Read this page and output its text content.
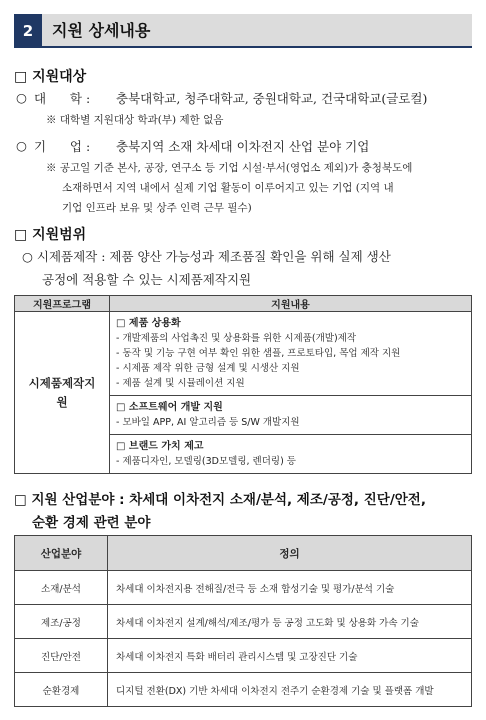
2	지원 상세내용
□ 지원대상
○ 대      학 : 충북대학교, 청주대학교, 중원대학교, 건국대학교(글로컬)
※ 대학별 지원대상 학과(부) 제한 없음
○ 기      업 : 충북지역 소재 차세대 이차전지 산업 분야 기업
※ 공고일 기준 본사, 공장, 연구소 등 기업 시설·부서(영업소 제외)가 충청북도에
소재하면서 지역 내에서 실제 기업 활동이 이루어지고 있는 기업 (지역 내
기업 인프라 보유 및 상주 인력 근무 필수)
□ 지원범위
○ 시제품제작 : 제품 양산 가능성과 제조품질 확인을 위해 실제 생산
공정에 적용할 수 있는 시제품제작지원
지원프로그램	지원내용
시제품제작지원	□ 제품 상용화
- 개발제품의 사업촉진 및 상용화를 위한 시제품(개발)제작
- 동작 및 기능 구현 여부 확인 위한 샘플, 프로토타입, 목업 제작 지원
- 시제품 제작 위한 금형 설계 및 시생산 지원
- 제품 설계 및 시뮬레이션 지원

	□ 소프트웨어 개발 지원
- 모바일 APP, AI 알고리즘 등 S/W 개발지원

	□ 브랜드 가치 제고
- 제품디자인, 모델링(3D모델링, 렌더링) 등
□ 지원 산업분야 : 차세대 이차전지 소재/분석, 제조/공정, 진단/안전,
순환 경제 관련 분야
산업분야	정의
소재/분석	차세대 이차전지용 전해질/전극 등 소재 합성기술 및 평가/분석 기술
제조/공정	차세대 이차전지 설계/해석/제조/평가 등 공정 고도화 및 상용화 가속 기술
진단/안전	차세대 이차전지 특화 배터리 관리시스템 및 고장진단 기술
순환경제	디지털 전환(DX) 기반 차세대 이차전지 전주기 순환경제 기술 및 플랫폼 개발
